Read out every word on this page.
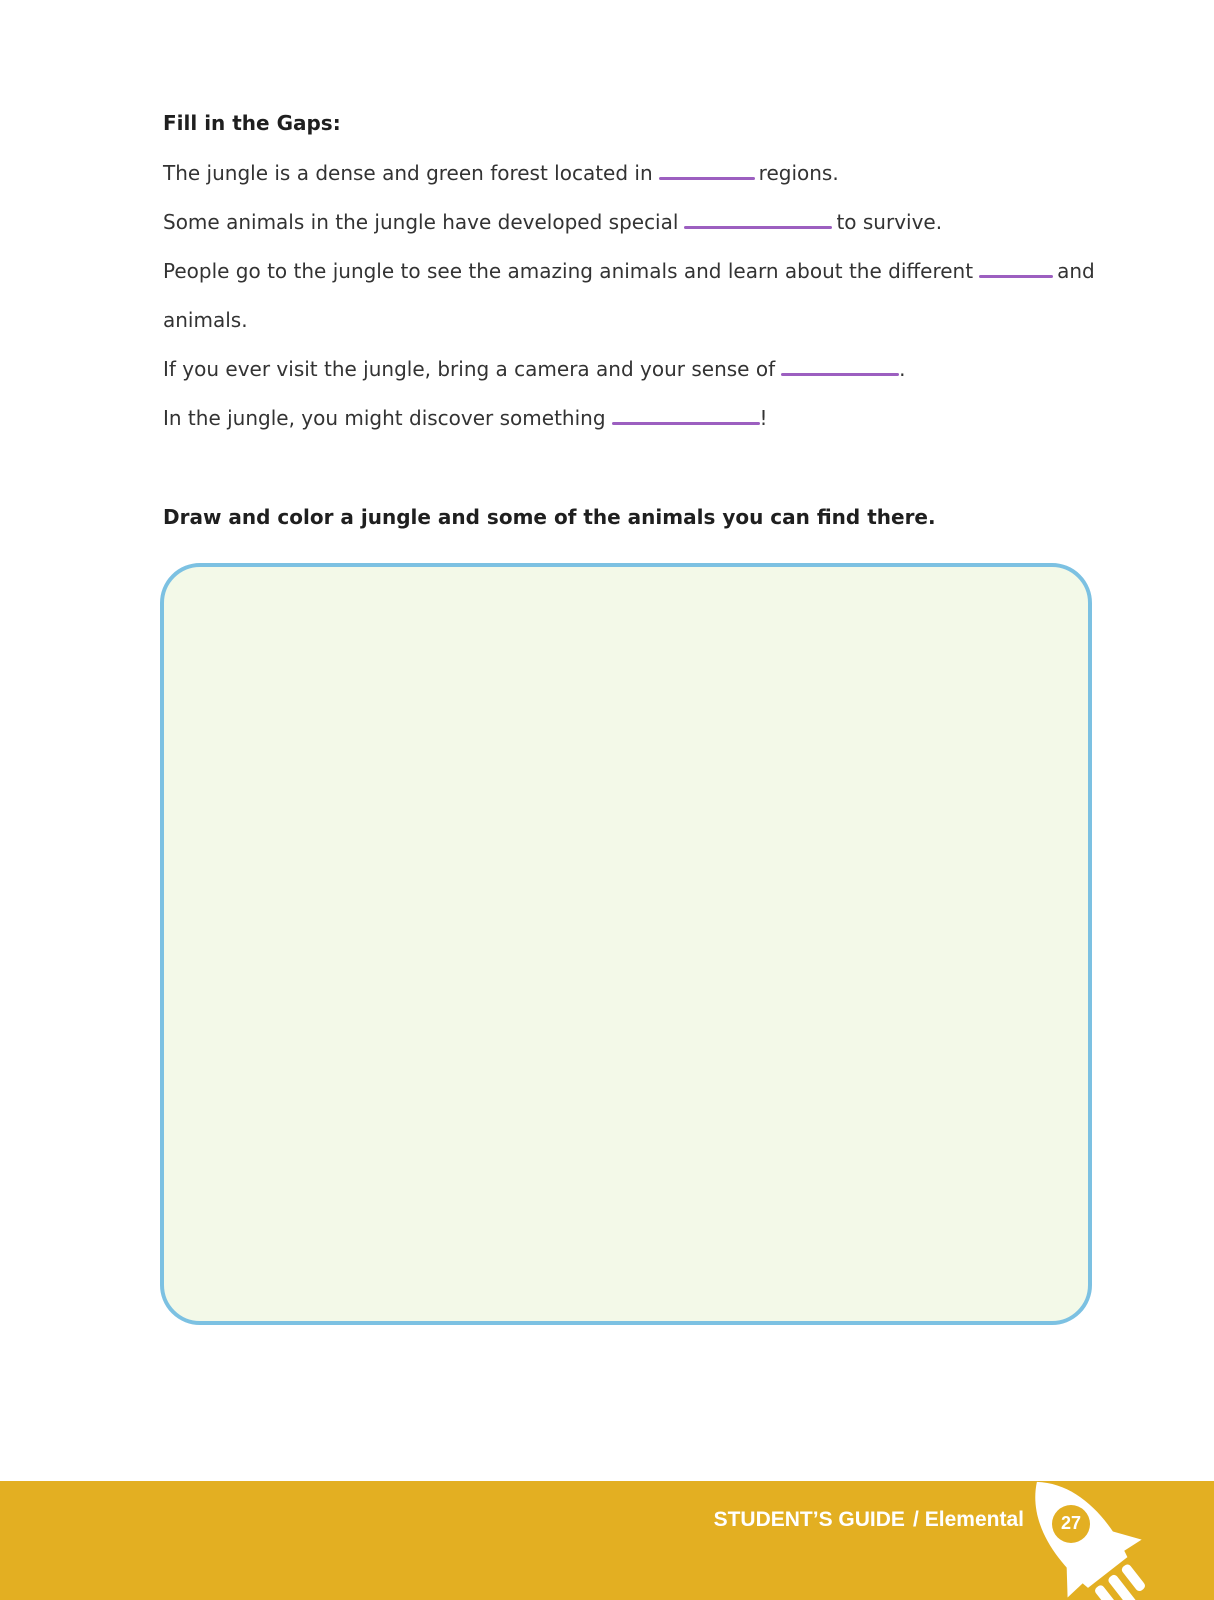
Fill in the Gaps:
The jungle is a dense and green forest located in	regions.
Some animals in the jungle have developed special	to survive.
People go to the jungle to see the amazing animals and learn about the different	and
animals.
If you ever visit the jungle, bring a camera and your sense of	.
In the jungle, you might discover something	!
Draw and color a jungle and some of the animals you can find there.
STUDENT’S GUIDE / Elemental	27
